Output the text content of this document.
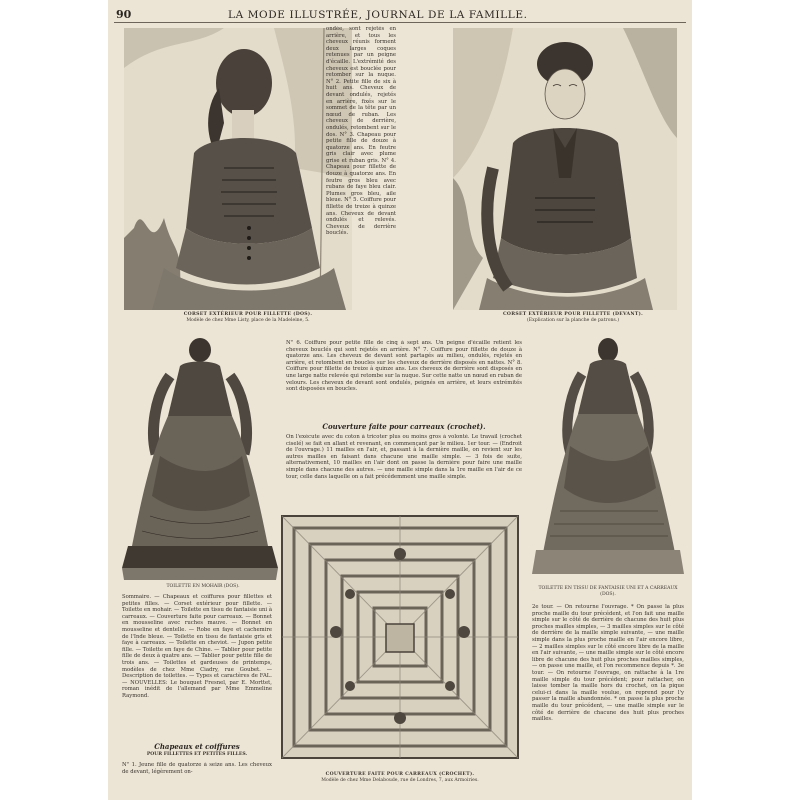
90	LA MODE ILLUSTRÉE, JOURNAL DE LA FAMILLE.
CORSET EXTÉRIEUR POUR FILLETTE (DOS).
Modèle de chez Mme Listy, place de la Madeleine, 5.
ondée, sont rejetés en arrière, et tous les cheveux réunis forment deux larges coques retenues par un peigne d'écaille. L'extrémité des cheveux est bouclée pour retomber sur la nuque. N° 2. Petite fille de six à huit ans. Cheveux de devant ondulés, rejetés en arrière, fixés sur le sommet de la tête par un nœud de ruban. Les cheveux de derrière, ondulés, retombent sur le dos. N° 3. Chapeau pour petite fille de douze à quatorze ans. En feutre gris clair avec plume grise et ruban gris. N° 4. Chapeau pour fillette de douze à quatorze ans. En feutre gros bleu avec rubans de faye bleu clair. Plumes gros bleu, aile bleue. N° 5. Coiffure pour fillette de treize à quinze ans. Cheveux de devant ondulés et relevés. Cheveux de derrière bouclés.
CORSET EXTÉRIEUR POUR FILLETTE (DEVANT).
(Explication sur la planche de patrons.)
TOILETTE EN MOHAIR (DOS).
N° 6. Coiffure pour petite fille de cinq à sept ans. Un peigne d'écaille retient les cheveux bouclés qui sont rejetés en arrière. N° 7. Coiffure pour fillette de douze à quatorze ans. Les cheveux de devant sont partagés au milieu, ondulés, rejetés en arrière, et retombent en boucles sur les cheveux de derrière disposés en nattes. N° 8. Coiffure pour fillette de treize à quinze ans. Les cheveux de derrière sont disposés en une large natte relevée qui retombe sur la nuque. Sur cette natte un nœud en ruban de velours. Les cheveux de devant sont ondulés, peignés en arrière, et leurs extrémités sont disposées en boucles.
Couverture faite pour carreaux (crochet).
On l'exécute avec du coton à tricoter plus ou moins gros à volonté. Le travail (crochet ciselé) se fait en allant et revenant, en commençant par le milieu. 1er tour. — (Endroit de l'ouvrage.) 11 mailles en l'air, et, passant à la dernière maille, on revient sur les autres mailles en faisant dans chacune une maille simple. — 3 fois de suite, alternativement, 10 mailles en l'air dont on passe la dernière pour faire une maille simple dans chacune des autres. — une maille simple dans la 1re maille en l'air de ce tour, celle dans laquelle on a fait précédemment une maille simple.
TOILETTE EN TISSU DE FANTAISIE UNI ET A CARREAUX (DOS).
COUVERTURE FAITE POUR CARREAUX (CROCHET).
Modèle de chez Mme Delaboude, rue de Londres, 7, aux Armoiries.
Sommaire. — Chapeaux et coiffures pour fillettes et petites filles. — Corset extérieur pour fillette. — Toilette en mohair. — Toilette en tissu de fantaisie uni à carreaux. — Couverture faite pour carreaux. — Bonnet en mousseline avec ruches mauve. — Bonnet en mousseline et dentelle. — Robe en faye et cachemire de l'Inde bleue. — Toilette en tissu de fantaisie gris et faye à carreaux. — Toilette en cheviot. — Jupon petite fille. — Toilette en faye de Chine. — Tablier pour petite fille de deux à quatre ans. — Tablier pour petite fille de trois ans. — Toilettes et gardeuses de printemps, modèles de chez Mme Ciadry, rue Goubet. — Description de toilettes. — Types et caractères de FAL. — NOUVELLES: Le bouquet Fresnel, par E. Morttet, roman inédit de l'allemand par Mme Emmeline Raymond.
Chapeaux et coiffures
POUR FILLETTES ET PETITES FILLES.
N° 1. Jeune fille de quatorze à seize ans. Les cheveux de devant, légèrement on-
2e tour. — On retourne l'ouvrage. * On passe la plus proche maille du tour précédent, et l'on fait une maille simple sur le côté de derrière de chacune des huit plus proches mailles simples, — 3 mailles simples sur le côté de derrière de la maille simple suivante, — une maille simple dans la plus proche maille en l'air encore libre, — 2 mailles simples sur le côté encore libre de la maille en l'air suivante, — une maille simple sur le côté encore libre de chacune des huit plus proches mailles simples, — on passe une maille, et l'on recommence depuis *. 3e tour. — On retourne l'ouvrage, on rattache à la 1re maille simple du tour précédent; pour rattacher, on laisse tomber la maille hors du crochet, on la pique celui-ci dans la maille voulue, on reprend pour l'y passer la maille abandonnée. * on passe la plus proche maille du tour précédent, — une maille simple sur le côté de derrière de chacune des huit plus proches mailles.
